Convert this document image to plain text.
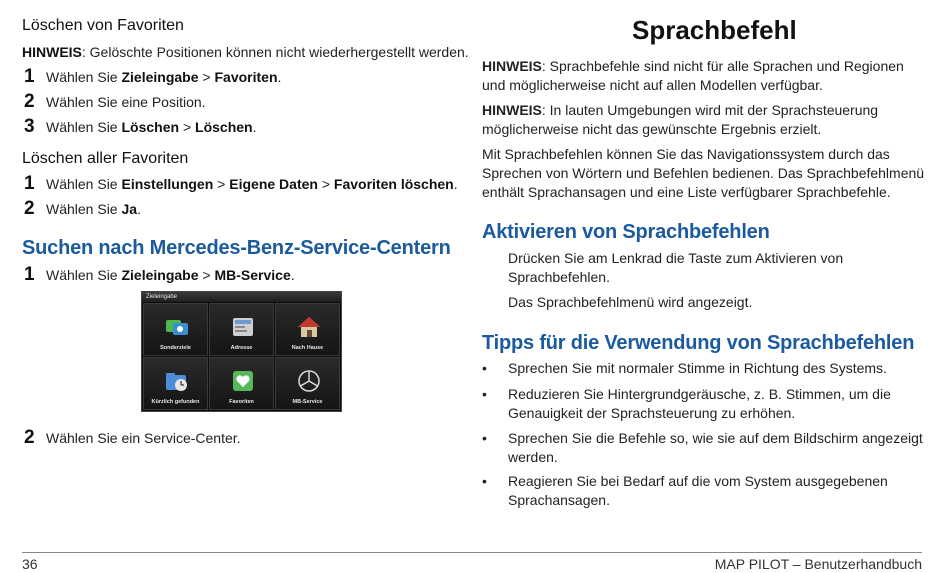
Löschen von Favoriten
HINWEIS: Gelöschte Positionen können nicht wiederhergestellt werden.
1 Wählen Sie Zieleingabe > Favoriten.
2 Wählen Sie eine Position.
3 Wählen Sie Löschen > Löschen.
Löschen aller Favoriten
1 Wählen Sie Einstellungen > Eigene Daten > Favoriten löschen.
2 Wählen Sie Ja.
Suchen nach Mercedes-Benz-Service-Centern
1 Wählen Sie Zieleingabe > MB-Service.
2 Wählen Sie ein Service-Center.
Zieleingabe
Sonderziele	Adresse	Nach Hause
Kürzlich gefunden	Favoriten	MB-Service
Sprachbefehl
HINWEIS: Sprachbefehle sind nicht für alle Sprachen und Regionen und möglicherweise nicht auf allen Modellen verfügbar.
HINWEIS: In lauten Umgebungen wird mit der Sprachsteuerung möglicherweise nicht das gewünschte Ergebnis erzielt.
Mit Sprachbefehlen können Sie das Navigationssystem durch das Sprechen von Wörtern und Befehlen bedienen. Das Sprachbefehlmenü enthält Sprachansagen und eine Liste verfügbarer Sprachbefehle.
Aktivieren von Sprachbefehlen
Drücken Sie am Lenkrad die Taste zum Aktivieren von Sprachbefehlen.
Das Sprachbefehlmenü wird angezeigt.
Tipps für die Verwendung von Sprachbefehlen
• Sprechen Sie mit normaler Stimme in Richtung des Systems.
• Reduzieren Sie Hintergrundgeräusche, z. B. Stimmen, um die Genauigkeit der Sprachsteuerung zu erhöhen.
• Sprechen Sie die Befehle so, wie sie auf dem Bildschirm angezeigt werden.
• Reagieren Sie bei Bedarf auf die vom System ausgegebenen Sprachansagen.
36	MAP PILOT – Benutzerhandbuch
